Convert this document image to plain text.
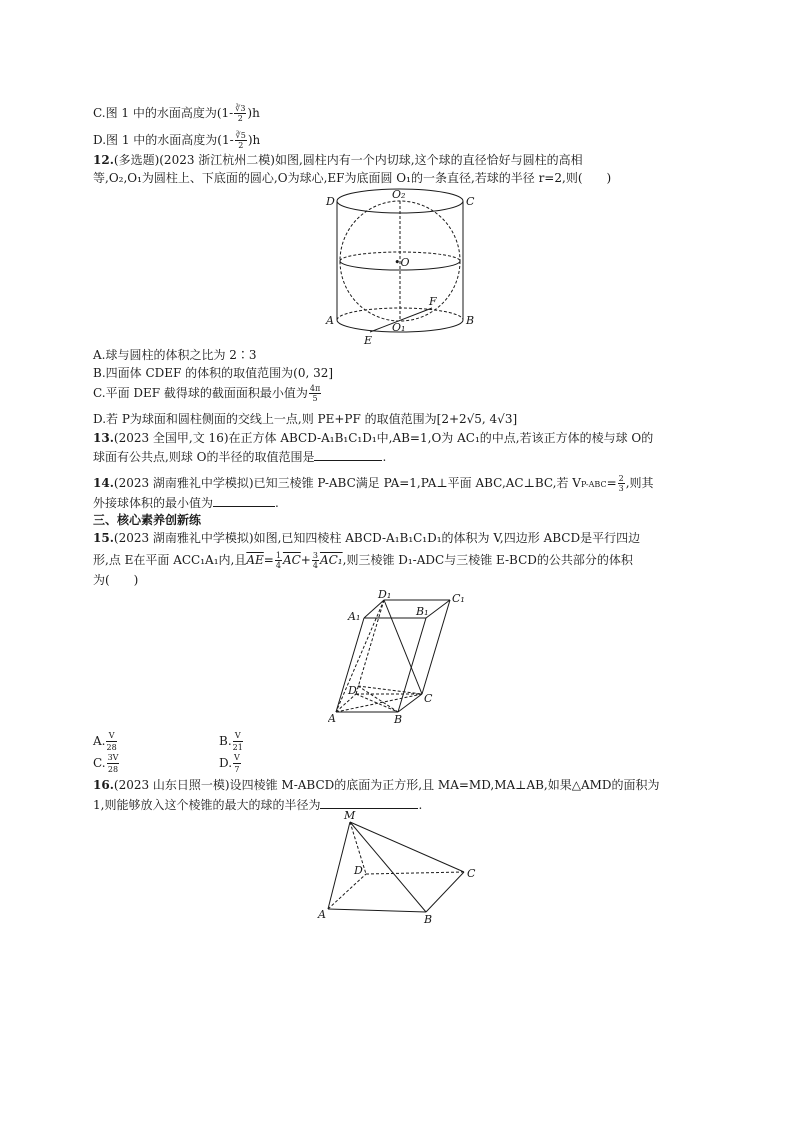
C.图 1 中的水面高度为$(1- \frac{∛3}{2} )h$
D.图 1 中的水面高度为$(1- \frac{∛5}{2} )h$
12.(多选题)(2023 浙江杭州二模)如图,圆柱内有一个内切球,这个球的直径恰好与圆柱的高相
等,O₂,O₁为圆柱上、下底面的圆心,O为球心,EF为底面圆 O₁的一条直径,若球的半径 r=2,则(　　)
D
O₂
C
•O
F
A
O₁
B
E
A.球与圆柱的体积之比为 2∶3
B.四面体 CDEF 的体积的取值范围为(0, 32]
C.平面 DEF 截得球的截面面积最小值为 $\frac{4\pi}{5}$
D.若 P为球面和圆柱侧面的交线上一点,则 PE+PF 的取值范围为[2+2√5, 4√3]
13.(2023 全国甲,文 16)在正方体 ABCD-A₁B₁C₁D₁中,AB=1,O为 AC₁的中点,若该正方体的棱与球 O的
球面有公共点,则球 O的半径的取值范围是	.
14.(2023 湖南雅礼中学模拟)已知三棱锥 P-ABC满足 PA=1,PA⊥平面 ABC,AC⊥BC,若 $VP-ABC= \frac{2}{3}$ ,则其
外接球体积的最小值为	.
三、核心素养创新练
15.(2023 湖南雅礼中学模拟)如图,已知四棱柱 ABCD-A₁B₁C₁D₁的体积为 V,四边形 ABCD是平行四边
形,点 E在平面 ACC₁A₁内,且$\overline{AE}= \frac{1}{4} \overline{AC}+ \frac{3}{4} AC_1$,则三棱锥 D₁-ADC与三棱锥 E-BCD的公共部分的体积
为(　　)
D₁
B₁
C₁
A₁
D
C
A	B
A. $\frac{V}{28}$	B. $\frac{V}{21}$
C. $\frac{3V}{28}$	D. $\frac{V}{7}$
16.(2023 山东日照一模)设四棱锥 M-ABCD的底面为正方形,且 MA=MD,MA⊥AB,如果△AMD的面积为
1,则能够放入这个棱锥的最大的球的半径为	.
M
D	C
A	B
